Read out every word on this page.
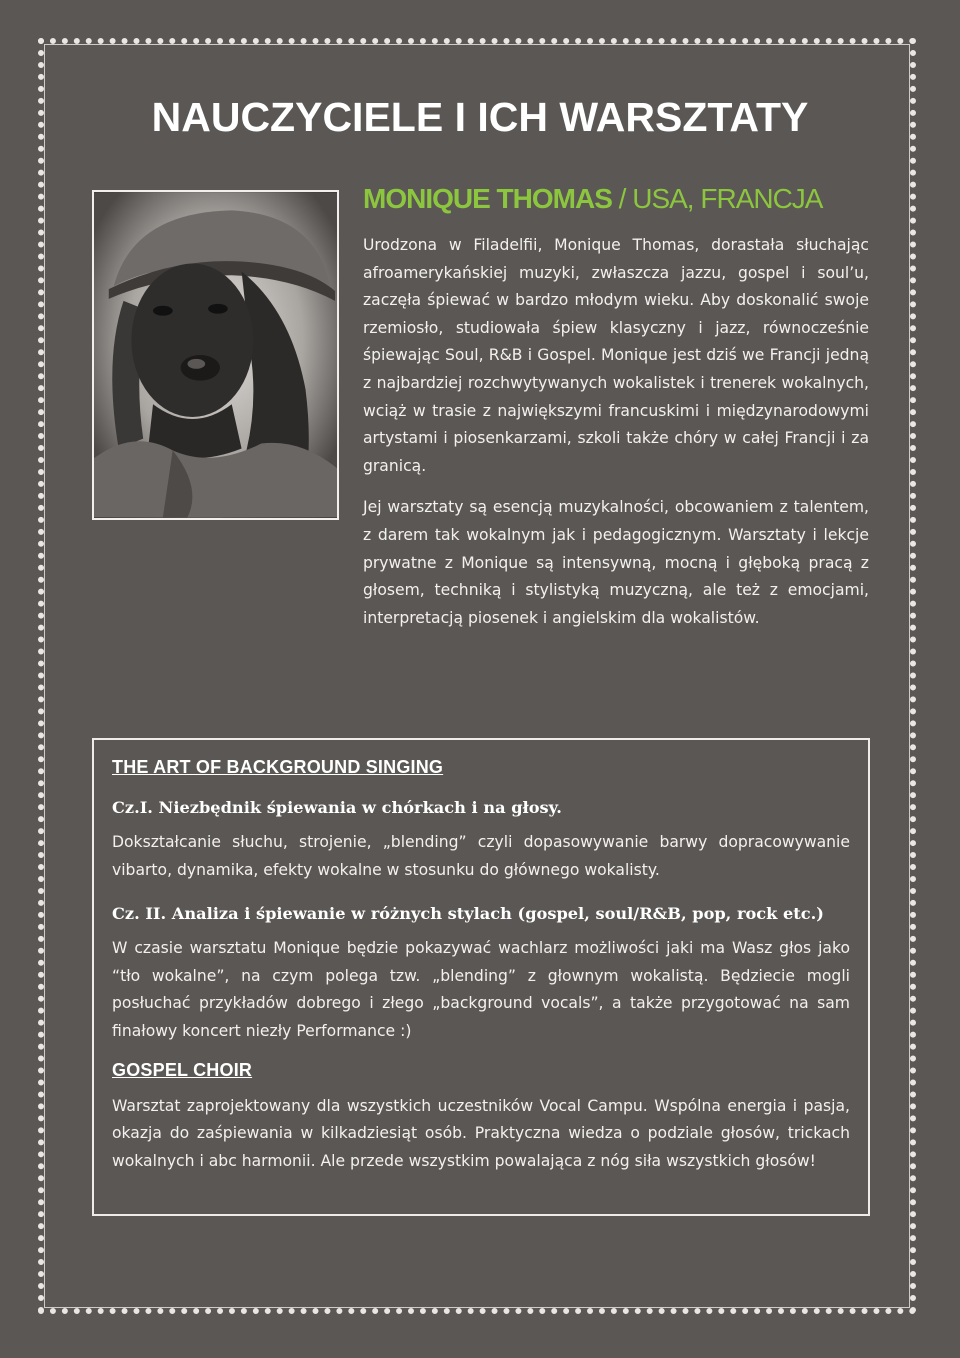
NAUCZYCIELE I ICH WARSZTATY
MONIQUE THOMAS / USA, FRANCJA

Urodzona w Filadelfii, Monique Thomas, dorastała słuchając afroamerykańskiej muzyki, zwłaszcza jazzu, gospel i soul’u, zaczęła śpiewać w bardzo młodym wieku. Aby doskonalić swoje rzemiosło, studiowała śpiew klasyczny i jazz, równocześnie śpiewając Soul, R&B i Gospel. Monique jest dziś we Francji jedną z najbardziej rozchwytywanych wokalistek i trenerek wokalnych, wciąż w trasie z największymi francuskimi i międzynarodowymi artystami i piosenkarzami, szkoli także chóry w całej Francji i za granicą.

Jej warsztaty są esencją muzykalności, obcowaniem z talentem, z darem tak wokalnym jak i pedagogicznym. Warsztaty i lekcje prywatne z Monique są intensywną, mocną i głęboką pracą z głosem, techniką i stylistyką muzyczną, ale też z emocjami, interpretacją piosenek i angielskim dla wokalistów.

THE ART OF BACKGROUND SINGING
Cz.I. Niezbędnik śpiewania w chórkach i na głosy.
Dokształcanie słuchu, strojenie, „blending” czyli dopasowywanie barwy dopracowywanie vibarto, dynamika, efekty wokalne w stosunku do głównego wokalisty.
Cz. II. Analiza i śpiewanie w różnych stylach (gospel, soul/R&B, pop, rock etc.)
W czasie warsztatu Monique będzie pokazywać wachlarz możliwości jaki ma Wasz głos jako “tło wokalne”, na czym polega tzw. „blending” z głownym wokalistą. Będziecie mogli posłuchać przykładów dobrego i złego „background vocals”, a także przygotować na sam finałowy koncert niezły Performance :)
GOSPEL CHOIR
Warsztat zaprojektowany dla wszystkich uczestników Vocal Campu. Wspólna energia i pasja, okazja do zaśpiewania w kilkadziesiąt osób. Praktyczna wiedza o podziale głosów, trickach wokalnych i abc harmonii. Ale przede wszystkim powalająca z nóg siła wszystkich głosów!
